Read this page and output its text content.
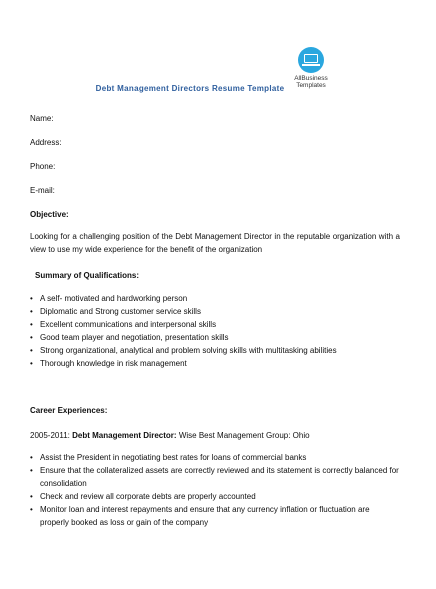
AllBusiness
Templates
Debt Management Directors Resume Template
Name:
Address:
Phone:
E-mail:
Objective:
Looking for a challenging position of the Debt Management Director in the reputable organization with a view to use my wide experience for the benefit of the organization
Summary of Qualifications:
• A self- motivated and hardworking person
• Diplomatic and Strong customer service skills
• Excellent communications and interpersonal skills
• Good team player and negotiation, presentation skills
• Strong organizational, analytical and problem solving skills with multitasking abilities
• Thorough knowledge in risk management
Career Experiences:
2005-2011: Debt Management Director: Wise Best Management Group: Ohio
• Assist the President in negotiating best rates for loans of commercial banks
• Ensure that the collateralized assets are correctly reviewed and its statement is correctly balanced for consolidation
• Check and review all corporate debts are properly accounted
• Monitor loan and interest repayments and ensure that any currency inflation or fluctuation are properly booked as loss or gain of the company
